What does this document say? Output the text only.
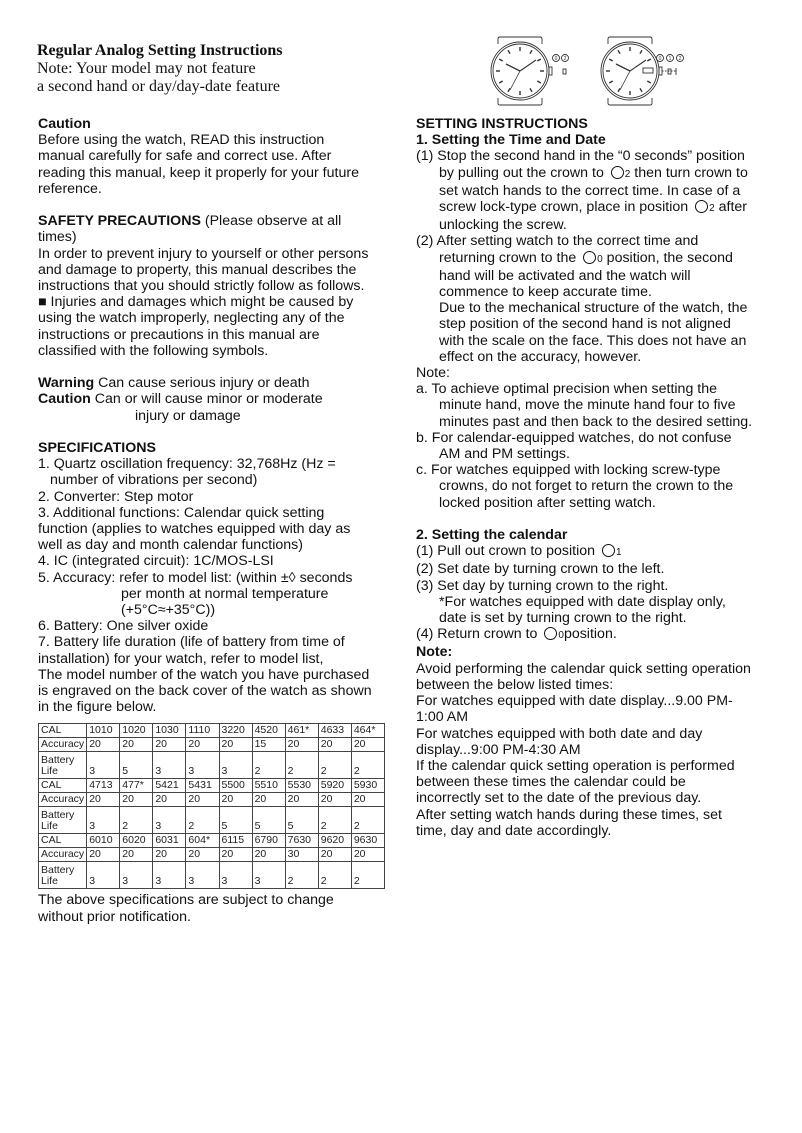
Regular Analog Setting Instructions
Note: Your model may not feature
a second hand or day/day-date feature
0 2	0 1 2
Caution
Before using the watch, READ this instruction
manual carefully for safe and correct use. After
reading this manual, keep it properly for your future
reference.
SAFETY PRECAUTIONS (Please observe at all
times)
In order to prevent injury to yourself or other persons
and damage to property, this manual describes the
instructions that you should strictly follow as follows.
■ Injuries and damages which might be caused by
using the watch improperly, neglecting any of the
instructions or precautions in this manual are
classified with the following symbols.
Warning Can cause serious injury or death
Caution Can or will cause minor or moderate
injury or damage
SPECIFICATIONS
1. Quartz oscillation frequency: 32,768Hz (Hz =
number of vibrations per second)
2. Converter: Step motor
3. Additional functions: Calendar quick setting
function (applies to watches equipped with day as
well as day and month calendar functions)
4. IC (integrated circuit): 1C/MOS-LSI
5. Accuracy: refer to model list: (within ±◊ seconds
per month at normal temperature
(+5°C≈+35°C))
6. Battery: One silver oxide
7. Battery life duration (life of battery from time of
installation) for your watch, refer to model list,
The model number of the watch you have purchased
is engraved on the back cover of the watch as shown
in the figure below.
CAL	1010	1020	1030	1110	3220	4520	461*	4633	464*
Accuracy	20	20	20	20	20	15	20	20	20

Battery
Life	3	5	3	3	3	2	2	2	2
CAL	4713	477*	5421	5431	5500	5510	5530	5920	5930
Accuracy	20	20	20	20	20	20	20	20	20

Battery
Life	3	2	3	2	5	5	5	2	2
CAL	6010	6020	6031	604*	6115	6790	7630	9620	9630
Accuracy	20	20	20	20	20	20	30	20	20

Battery
Life	3	3	3	3	3	3	2	2	2
The above specifications are subject to change
without prior notification.
SETTING INSTRUCTIONS
1. Setting the Time and Date
(1) Stop the second hand in the “0 seconds” position
by pulling out the crown to 2 then turn crown to
set watch hands to the correct time. In case of a
screw lock-type crown, place in position 2 after
unlocking the screw.
(2) After setting watch to the correct time and
returning crown to the 0 position, the second
hand will be activated and the watch will
commence to keep accurate time.
Due to the mechanical structure of the watch, the
step position of the second hand is not aligned
with the scale on the face. This does not have an
effect on the accuracy, however.
Note:
a. To achieve optimal precision when setting the
minute hand, move the minute hand four to five
minutes past and then back to the desired setting.
b. For calendar-equipped watches, do not confuse
AM and PM settings.
c. For watches equipped with locking screw-type
crowns, do not forget to return the crown to the
locked position after setting watch.
2. Setting the calendar
(1) Pull out crown to position 1
(2) Set date by turning crown to the left.
(3) Set day by turning crown to the right.
*For watches equipped with date display only,
date is set by turning crown to the right.
(4) Return crown to 0position.
Note:
Avoid performing the calendar quick setting operation
between the below listed times:
For watches equipped with date display...9.00 PM-
1:00 AM
For watches equipped with both date and day
display...9:00 PM-4:30 AM
If the calendar quick setting operation is performed
between these times the calendar could be
incorrectly set to the date of the previous day.
After setting watch hands during these times, set
time, day and date accordingly.
